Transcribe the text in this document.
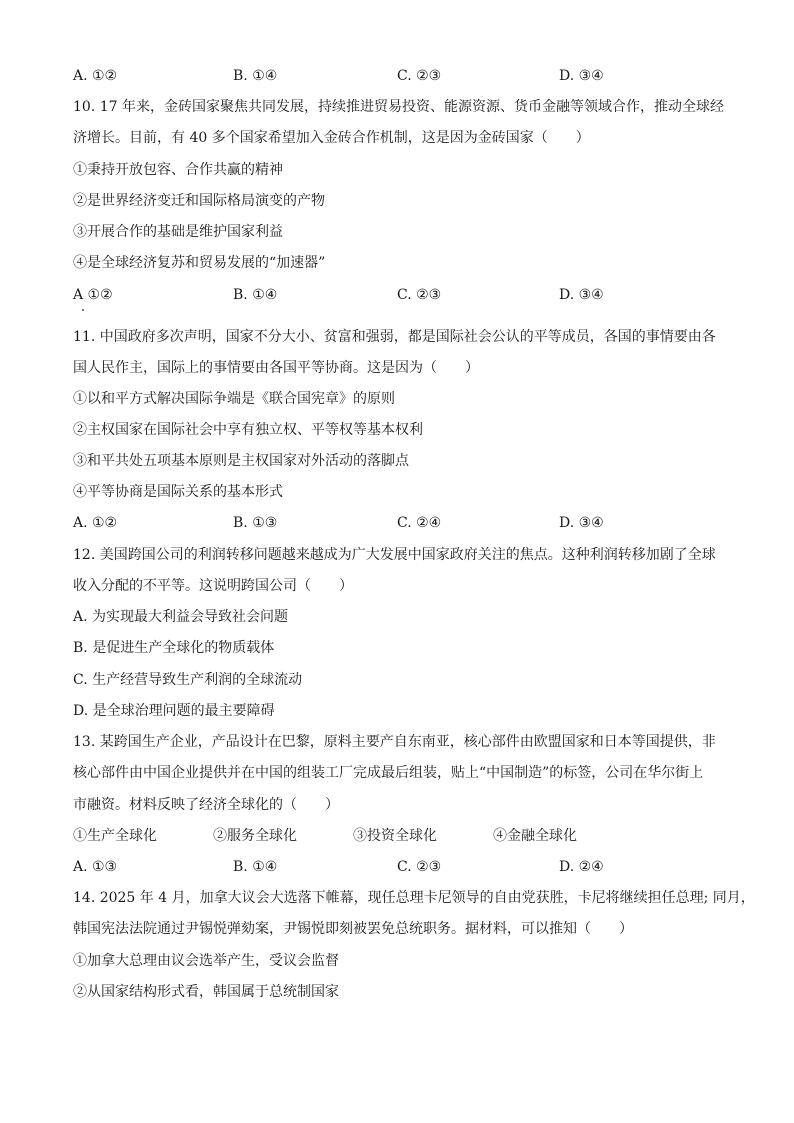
A. ①②	B. ①④	C. ②③	D. ③④
10. 17 年来，金砖国家聚焦共同发展，持续推进贸易投资、能源资源、货币金融等领域合作，推动全球经
济增长。目前，有 40 多个国家希望加入金砖合作机制，这是因为金砖国家（　　）
①秉持开放包容、合作共赢的精神
②是世界经济变迁和国际格局演变的产物
③开展合作的基础是维护国家利益
④是全球经济复苏和贸易发展的“加速器”
A ①②	B. ①④	C. ②③	D. ③④
11. 中国政府多次声明，国家不分大小、贫富和强弱，都是国际社会公认的平等成员，各国的事情要由各
国人民作主，国际上的事情要由各国平等协商。这是因为（　　）
①以和平方式解决国际争端是《联合国宪章》的原则
②主权国家在国际社会中享有独立权、平等权等基本权利
③和平共处五项基本原则是主权国家对外活动的落脚点
④平等协商是国际关系的基本形式
A. ①②	B. ①③	C. ②④	D. ③④
12. 美国跨国公司的利润转移问题越来越成为广大发展中国家政府关注的焦点。这种利润转移加剧了全球
收入分配的不平等。这说明跨国公司（　　）
A. 为实现最大利益会导致社会问题
B. 是促进生产全球化的物质载体
C. 生产经营导致生产利润的全球流动
D. 是全球治理问题的最主要障碍
13. 某跨国生产企业，产品设计在巴黎，原料主要产自东南亚，核心部件由欧盟国家和日本等国提供，非
核心部件由中国企业提供并在中国的组装工厂完成最后组装，贴上“中国制造”的标签，公司在华尔街上
市融资。材料反映了经济全球化的（　　）
①生产全球化	②服务全球化	③投资全球化	④金融全球化
A. ①③	B. ①④	C. ②③	D. ②④
14. 2025 年 4 月，加拿大议会大选落下帷幕，现任总理卡尼领导的自由党获胜，卡尼将继续担任总理; 同月，
韩国宪法法院通过尹锡悦弹劾案，尹锡悦即刻被罢免总统职务。据材料，可以推知（　　）
①加拿大总理由议会选举产生，受议会监督
②从国家结构形式看，韩国属于总统制国家
